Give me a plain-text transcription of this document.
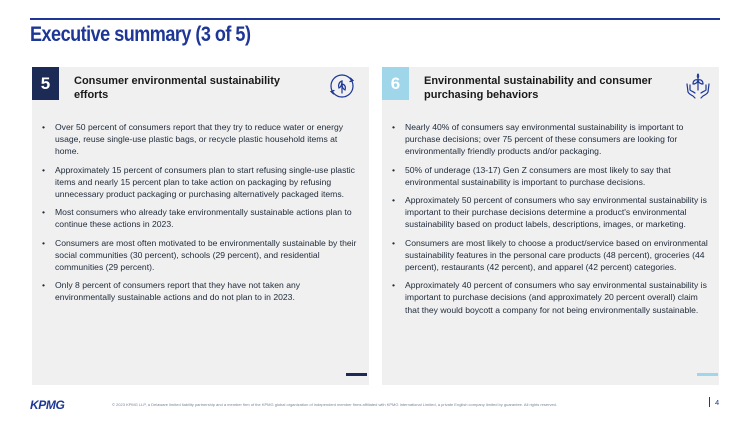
Executive summary (3 of 5)
5	Consumer environmental sustainability efforts
• Over 50 percent of consumers report that they try to reduce water or energy usage, reuse single-use plastic bags, or recycle plastic household items at home.
• Approximately 15 percent of consumers plan to start refusing single-use plastic items and nearly 15 percent plan to take action on packaging by refusing unnecessary product packaging or purchasing alternatively packaged items.
• Most consumers who already take environmentally sustainable actions plan to continue these actions in 2023.
• Consumers are most often motivated to be environmentally sustainable by their social communities (30 percent), schools (29 percent), and residential communities (29 percent).
• Only 8 percent of consumers report that they have not taken any environmentally sustainable actions and do not plan to in 2023.
6	Environmental sustainability and consumer purchasing behaviors
• Nearly 40% of consumers say environmental sustainability is important to purchase decisions; over 75 percent of these consumers are looking for environmentally friendly products and/or packaging.
• 50% of underage (13-17) Gen Z consumers are most likely to say that environmental sustainability is important to purchase decisions.
• Approximately 50 percent of consumers who say environmental sustainability is important to their purchase decisions determine a product's environmental sustainability based on product labels, descriptions, images, or marketing.
• Consumers are most likely to choose a product/service based on environmental sustainability features in the personal care products (48 percent), groceries (44 percent), restaurants (42 percent), and apparel (42 percent) categories.
• Approximately 40 percent of consumers who say environmental sustainability is important to purchase decisions (and approximately 20 percent overall) claim that they would boycott a company for not being environmentally sustainable.
KPMG	© 2023 KPMG LLP, a Delaware limited liability partnership and a member firm of the KPMG global organization of independent member firms affiliated with KPMG International Limited, a private English company limited by guarantee. All rights reserved.	4
